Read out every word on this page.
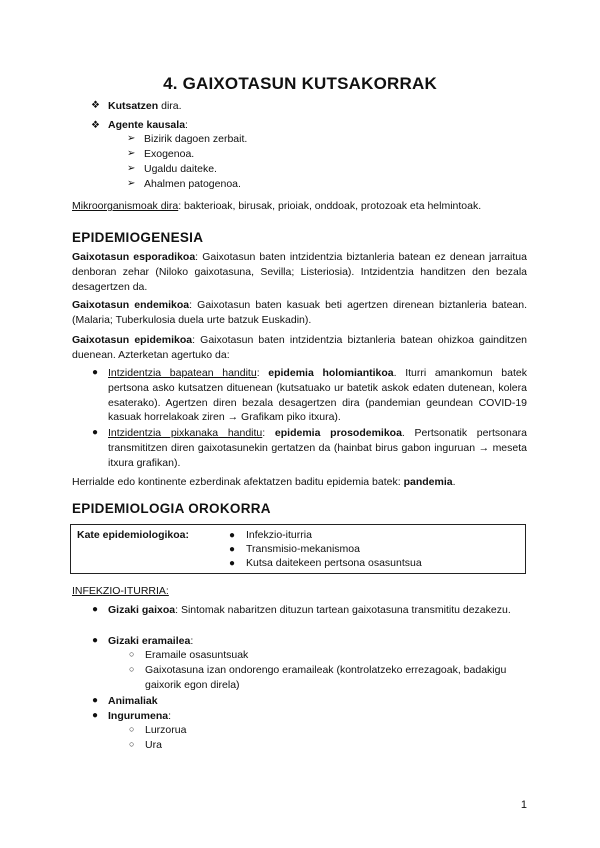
4. GAIXOTASUN KUTSAKORRAK
❖ Kutsatzen dira.
❖ Agente kausala:
➢ Bizirik dagoen zerbait.
➢ Exogenoa.
➢ Ugaldu daiteke.
➢ Ahalmen patogenoa.
Mikroorganismoak dira: bakterioak, birusak, prioiak, onddoak, protozoak eta helmintoak.
EPIDEMIOGENESIA
Gaixotasun esporadikoa: Gaixotasun baten intzidentzia biztanleria batean ez denean jarraitua denboran zehar (Niloko gaixotasuna, Sevilla; Listeriosia). Intzidentzia handitzen den bezala desagertzen da.
Gaixotasun endemikoa: Gaixotasun baten kasuak beti agertzen direnean biztanleria batean. (Malaria; Tuberkulosia duela urte batzuk Euskadin).
Gaixotasun epidemikoa: Gaixotasun baten intzidentzia biztanleria batean ohizkoa gainditzen duenean. Azterketan agertuko da:
● Intzidentzia bapatean handitu: epidemia holomiantikoa. Iturri amankomun batek pertsona asko kutsatzen dituenean (kutsatuako ur batetik askok edaten dutenean, kolera esaterako). Agertzen diren bezala desagertzen dira (pandemian geundean COVID-19 kasuak horrelakoak ziren → Grafikam piko itxura).
● Intzidentzia pixkanaka handitu: epidemia prosodemikoa. Pertsonatik pertsonara transmititzen diren gaixotasunekin gertatzen da (hainbat birus gabon inguruan → meseta itxura grafikan).
Herrialde edo kontinente ezberdinak afektatzen baditu epidemia batek: pandemia.
EPIDEMIOLOGIA OROKORRA
Kate epidemiologikoa:	● Infekzio-iturria
● Transmisio-mekanismoa
● Kutsa daitekeen pertsona osasuntsua
INFEKZIO-ITURRIA:
● Gizaki gaixoa: Sintomak nabaritzen dituzun tartean gaixotasuna transmititu dezakezu.
● Gizaki eramailea:
○ Eramaile osasuntsuak
○ Gaixotasuna izan ondorengo eramaileak (kontrolatzeko errezagoak, badakigu gaixorik egon direla)
● Animaliak
● Ingurumena:
○ Lurzorua
○ Ura
1
